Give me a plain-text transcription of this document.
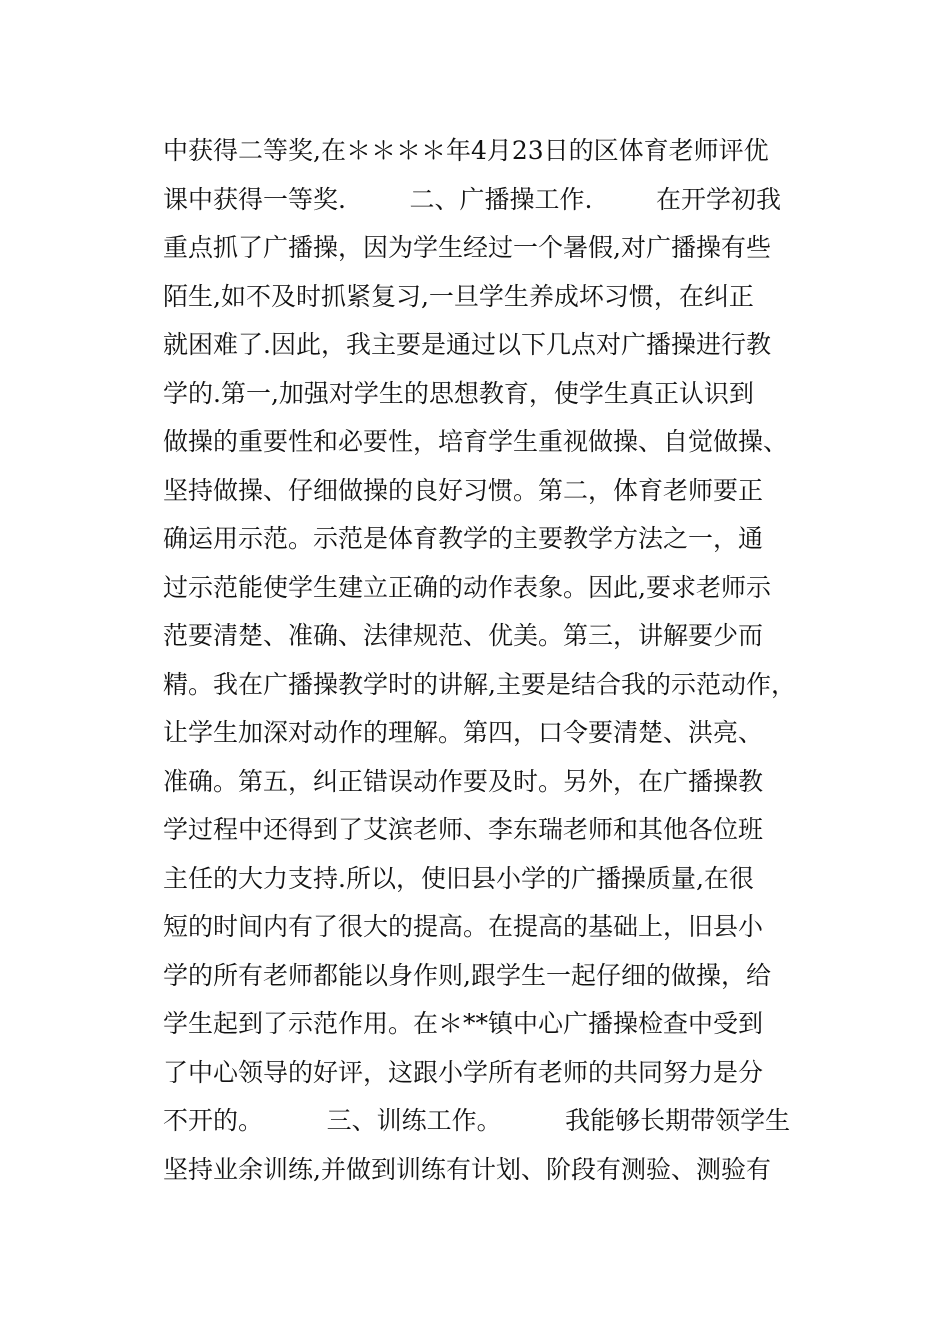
中获得二等奖,在＊＊＊＊年4月23日的区体育老师评优
课中获得一等奖.        二、广播操工作.        在开学初我
重点抓了广播操，因为学生经过一个暑假,对广播操有些
陌生,如不及时抓紧复习,一旦学生养成坏习惯，在纠正
就困难了.因此，我主要是通过以下几点对广播操进行教
学的.第一,加强对学生的思想教育，使学生真正认识到
做操的重要性和必要性，培育学生重视做操、自觉做操、
坚持做操、仔细做操的良好习惯。第二，体育老师要正
确运用示范。示范是体育教学的主要教学方法之一，通
过示范能使学生建立正确的动作表象。因此,要求老师示
范要清楚、准确、法律规范、优美。第三，讲解要少而
精。我在广播操教学时的讲解,主要是结合我的示范动作，
让学生加深对动作的理解。第四，口令要清楚、洪亮、
准确。第五，纠正错误动作要及时。另外，在广播操教
学过程中还得到了艾滨老师、李东瑞老师和其他各位班
主任的大力支持.所以，使旧县小学的广播操质量,在很
短的时间内有了很大的提高。在提高的基础上，旧县小
学的所有老师都能以身作则,跟学生一起仔细的做操，给
学生起到了示范作用。在＊**镇中心广播操检查中受到
了中心领导的好评，这跟小学所有老师的共同努力是分
不开的。        三、训练工作。        我能够长期带领学生
坚持业余训练,并做到训练有计划、阶段有测验、测验有
